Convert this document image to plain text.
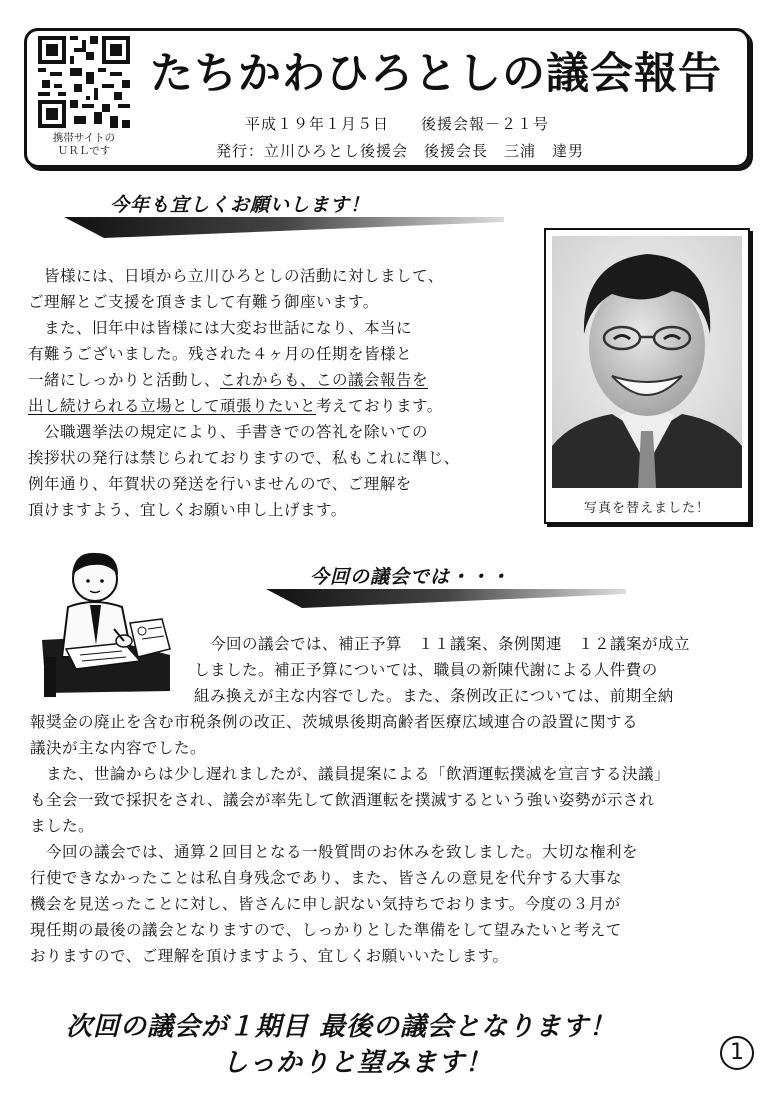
携帯サイトの
ＵＲＬです
たちかわひろとしの議会報告
平成１９年１月５日　　後援会報－２１号
発行：立川ひろとし後援会　後援会長　三浦　達男
今年も宜しくお願いします！
　皆様には、日頃から立川ひろとしの活動に対しまして、
ご理解とご支援を頂きまして有難う御座います。
　また、旧年中は皆様には大変お世話になり、本当に
有難うございました。残された４ヶ月の任期を皆様と
一緒にしっかりと活動し、これからも、この議会報告を
出し続けられる立場として頑張りたいと考えております。
　公職選挙法の規定により、手書きでの答礼を除いての
挨拶状の発行は禁じられておりますので、私もこれに準じ、
例年通り、年賀状の発送を行いませんので、ご理解を
頂けますよう、宜しくお願い申し上げます。	写真を替えました！
今回の議会では・・・
　今回の議会では、補正予算　１１議案、条例関連　１２議案が成立
しました。補正予算については、職員の新陳代謝による人件費の
組み換えが主な内容でした。また、条例改正については、前期全納
報奨金の廃止を含む市税条例の改正、茨城県後期高齢者医療広域連合の設置に関する
議決が主な内容でした。
　また、世論からは少し遅れましたが、議員提案による「飲酒運転撲滅を宣言する決議」
も全会一致で採択をされ、議会が率先して飲酒運転を撲滅するという強い姿勢が示され
ました。
　今回の議会では、通算２回目となる一般質問のお休みを致しました。大切な権利を
行使できなかったことは私自身残念であり、また、皆さんの意見を代弁する大事な
機会を見送ったことに対し、皆さんに申し訳ない気持ちでおります。今度の３月が
現任期の最後の議会となりますので、しっかりとした準備をして望みたいと考えて
おりますので、ご理解を頂けますよう、宜しくお願いいたします。
次回の議会が１期目 最後の議会となります！
しっかりと望みます！	1
